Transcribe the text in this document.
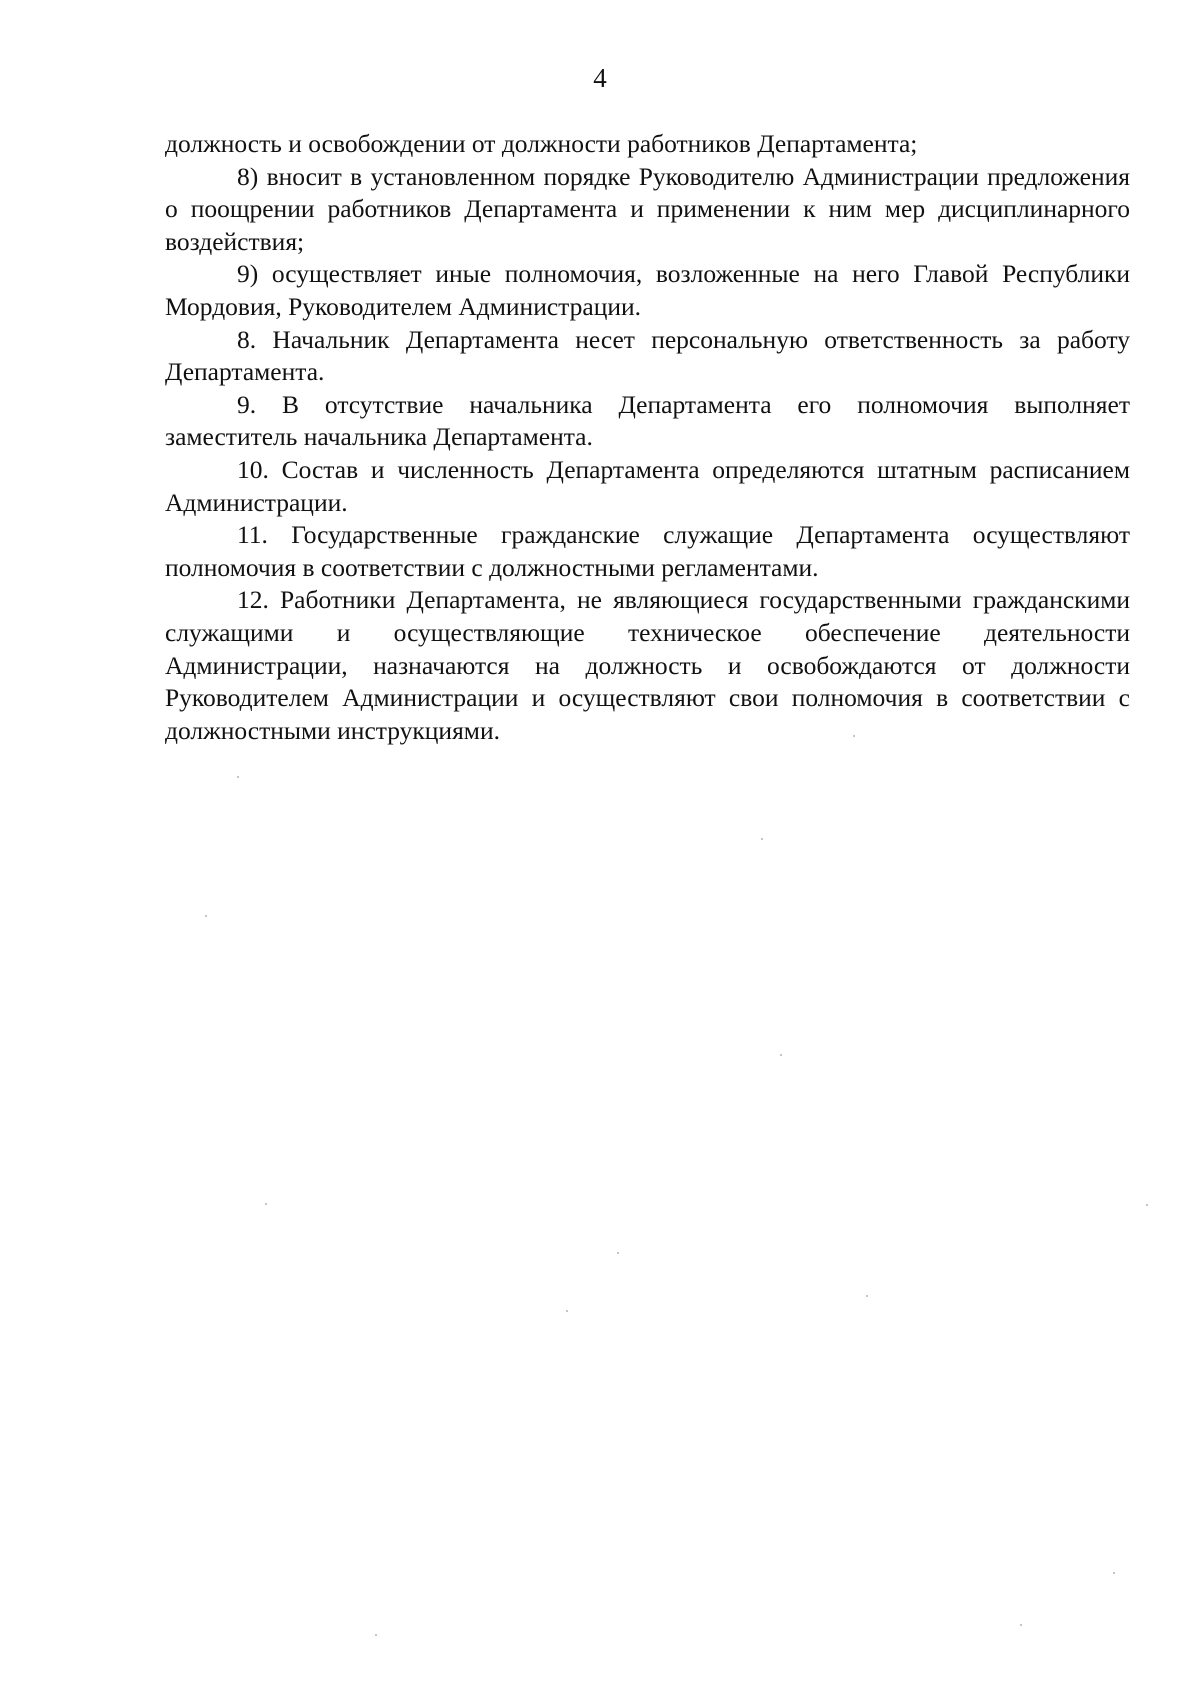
4

должность и освобождении от должности работников Департамента;

8) вносит в установленном порядке Руководителю Администрации предложения о поощрении работников Департамента и применении к ним мер дисциплинарного воздействия;

9) осуществляет иные полномочия, возложенные на него Главой Республики Мордовия, Руководителем Администрации.

8. Начальник Департамента несет персональную ответственность за работу Департамента.

9. В отсутствие начальника Департамента его полномочия выполняет заместитель начальника Департамента.

10. Состав и численность Департамента определяются штатным расписанием Администрации.

11. Государственные гражданские служащие Департамента осуществляют полномочия в соответствии с должностными регламентами.

12. Работники Департамента, не являющиеся государственными гражданскими служащими и осуществляющие техническое обеспечение деятельности Администрации, назначаются на должность и освобождаются от должности Руководителем Администрации и осуществляют свои полномочия в соответствии с должностными инструкциями.
